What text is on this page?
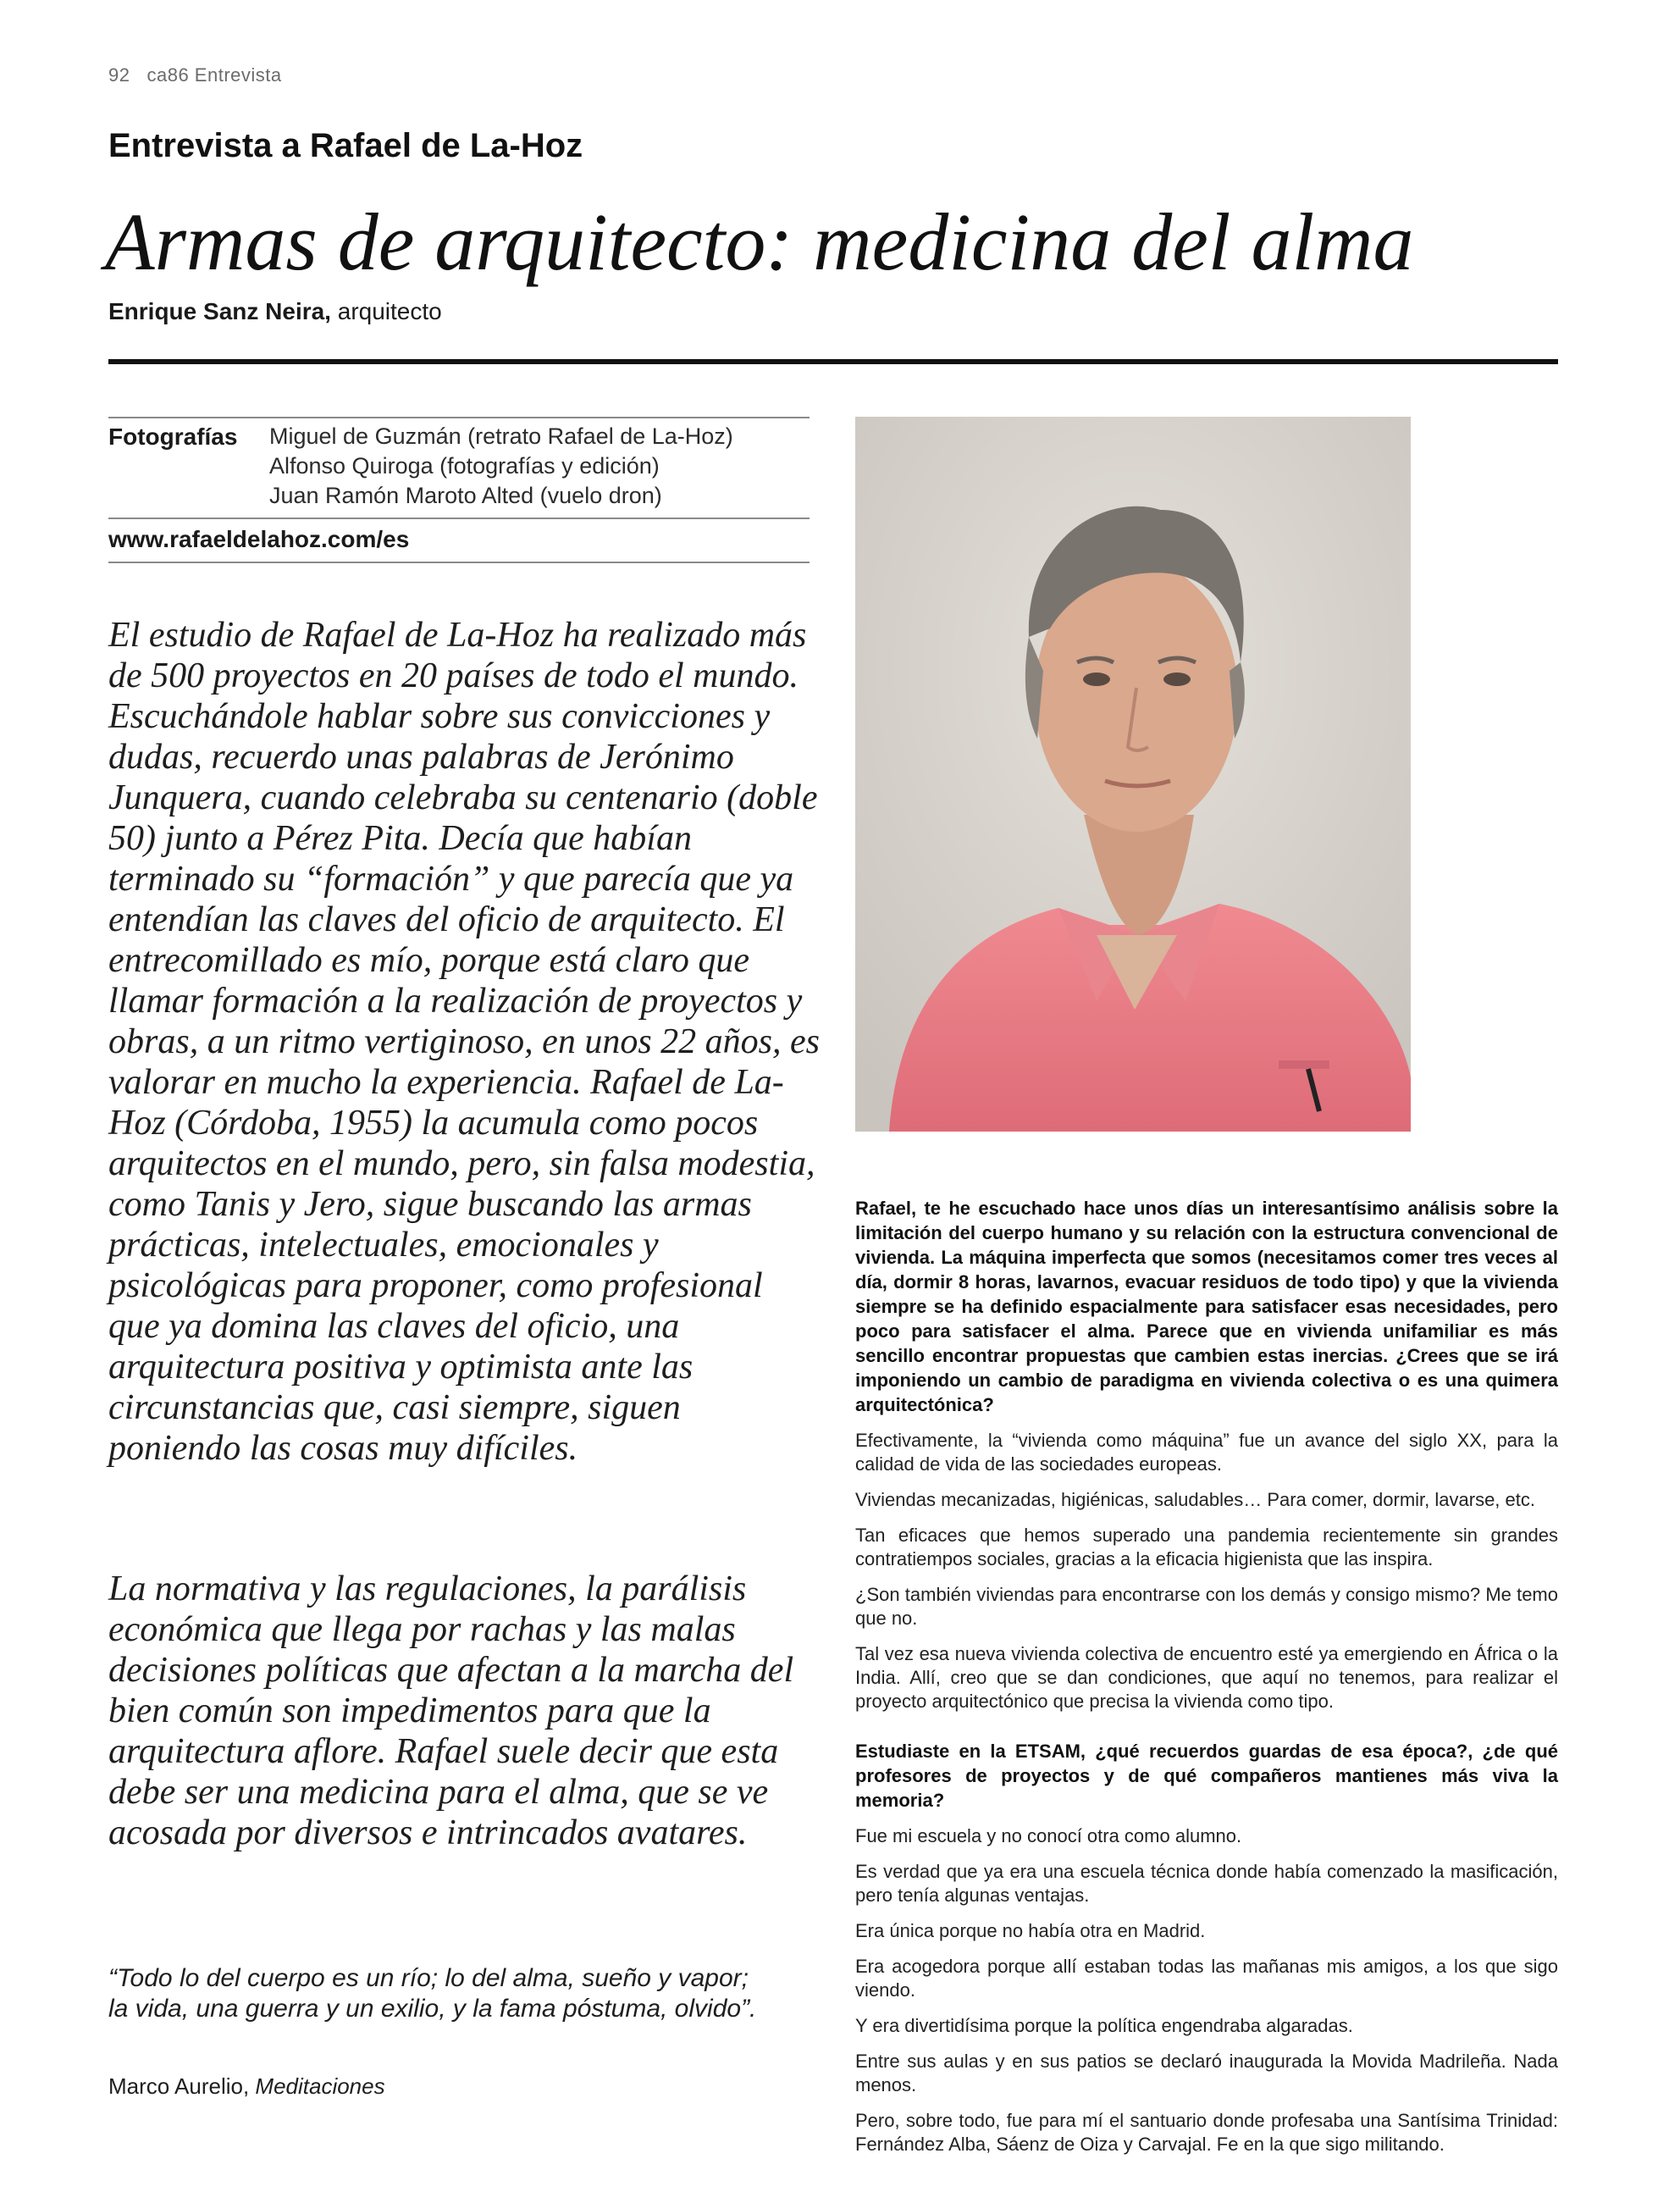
92 ca86 Entrevista
Entrevista a Rafael de La-Hoz
Armas de arquitecto: medicina del alma
Enrique Sanz Neira, arquitecto
Fotografías	Miguel de Guzmán (retrato Rafael de La-Hoz)
Alfonso Quiroga (fotografías y edición)
Juan Ramón Maroto Alted (vuelo dron)
www.rafaeldelahoz.com/es

El estudio de Rafael de La-Hoz ha realizado más de 500 proyectos en 20 países de todo el mundo. Escuchándole hablar sobre sus convicciones y dudas, recuerdo unas palabras de Jerónimo Junquera, cuando celebraba su centenario (doble 50) junto a Pérez Pita. Decía que habían terminado su “formación” y que parecía que ya entendían las claves del oficio de arquitecto. El entrecomillado es mío, porque está claro que llamar formación a la realización de proyectos y obras, a un ritmo vertiginoso, en unos 22 años, es valorar en mucho la experiencia. Rafael de La-Hoz (Córdoba, 1955) la acumula como pocos arquitectos en el mundo, pero, sin falsa modestia, como Tanis y Jero, sigue buscando las armas prácticas, intelectuales, emocionales y psicológicas para proponer, como profesional que ya domina las claves del oficio, una arquitectura positiva y optimista ante las circunstancias que, casi siempre, siguen poniendo las cosas muy difíciles.

La normativa y las regulaciones, la parálisis económica que llega por rachas y las malas decisiones políticas que afectan a la marcha del bien común son impedimentos para que la arquitectura aflore. Rafael suele decir que esta debe ser una medicina para el alma, que se ve acosada por diversos e intrincados avatares.

“Todo lo del cuerpo es un río; lo del alma, sueño y vapor; la vida, una guerra y un exilio, y la fama póstuma, olvido”.
Marco Aurelio, Meditaciones

Rafael, te he escuchado hace unos días un interesantísimo análisis sobre la limitación del cuerpo humano y su relación con la estructura convencional de vivienda. La máquina imperfecta que somos (necesitamos comer tres veces al día, dormir 8 horas, lavarnos, evacuar residuos de todo tipo) y que la vivienda siempre se ha definido espacialmente para satisfacer esas necesidades, pero poco para satisfacer el alma. Parece que en vivienda unifamiliar es más sencillo encontrar propuestas que cambien estas inercias. ¿Crees que se irá imponiendo un cambio de paradigma en vivienda colectiva o es una quimera arquitectónica?

Efectivamente, la “vivienda como máquina” fue un avance del siglo XX, para la calidad de vida de las sociedades europeas.

Viviendas mecanizadas, higiénicas, saludables… Para comer, dormir, lavarse, etc.

Tan eficaces que hemos superado una pandemia recientemente sin grandes contratiempos sociales, gracias a la eficacia higienista que las inspira.

¿Son también viviendas para encontrarse con los demás y consigo mismo? Me temo que no.

Tal vez esa nueva vivienda colectiva de encuentro esté ya emergiendo en África o la India. Allí, creo que se dan condiciones, que aquí no tenemos, para realizar el proyecto arquitectónico que precisa la vivienda como tipo.

Estudiaste en la ETSAM, ¿qué recuerdos guardas de esa época?, ¿de qué profesores de proyectos y de qué compañeros mantienes más viva la memoria?

Fue mi escuela y no conocí otra como alumno.

Es verdad que ya era una escuela técnica donde había comenzado la masificación, pero tenía algunas ventajas.

Era única porque no había otra en Madrid.

Era acogedora porque allí estaban todas las mañanas mis amigos, a los que sigo viendo.

Y era divertidísima porque la política engendraba algaradas.

Entre sus aulas y en sus patios se declaró inaugurada la Movida Madrileña. Nada menos.

Pero, sobre todo, fue para mí el santuario donde profesaba una Santísima Trinidad: Fernández Alba, Sáenz de Oiza y Carvajal. Fe en la que sigo militando.
